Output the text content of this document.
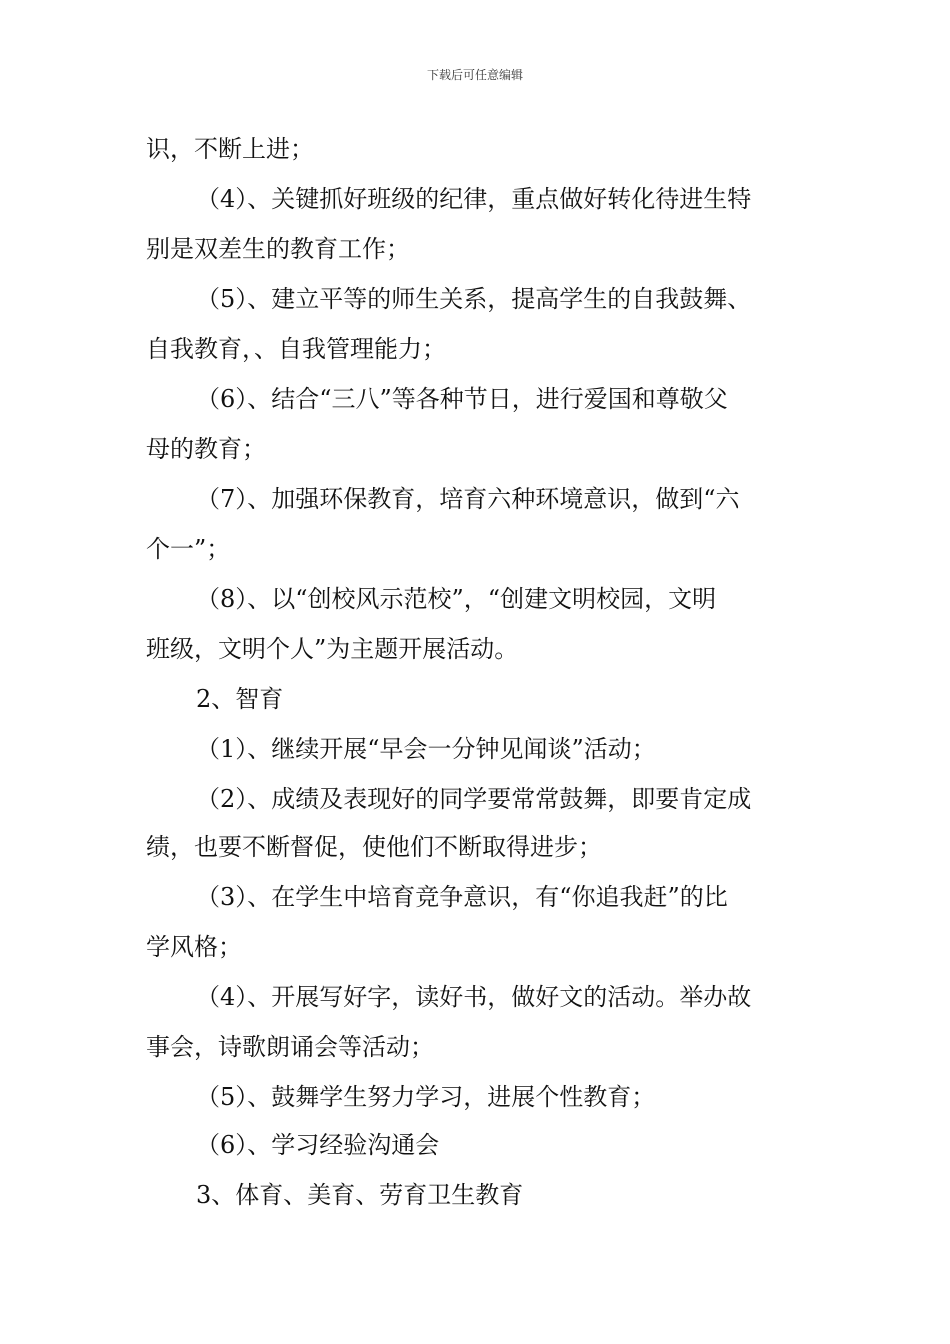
下载后可任意编辑
识，不断上进；
（4）、关键抓好班级的纪律，重点做好转化待进生特
别是双差生的教育工作；
（5）、建立平等的师生关系，提高学生的自我鼓舞、
自我教育，、自我管理能力；
（6）、结合“三八”等各种节日，进行爱国和尊敬父
母的教育；
（7）、加强环保教育，培育六种环境意识，做到“六
个一”；
（8）、以“创校风示范校”，“创建文明校园，文明
班级，文明个人”为主题开展活动。
2、智育
（1）、继续开展“早会一分钟见闻谈”活动；
（2）、成绩及表现好的同学要常常鼓舞，即要肯定成
绩，也要不断督促，使他们不断取得进步；
（3）、在学生中培育竞争意识，有“你追我赶”的比
学风格；
（4）、开展写好字，读好书，做好文的活动。举办故
事会，诗歌朗诵会等活动；
（5）、鼓舞学生努力学习，进展个性教育；
（6）、学习经验沟通会
3、体育、美育、劳育卫生教育
